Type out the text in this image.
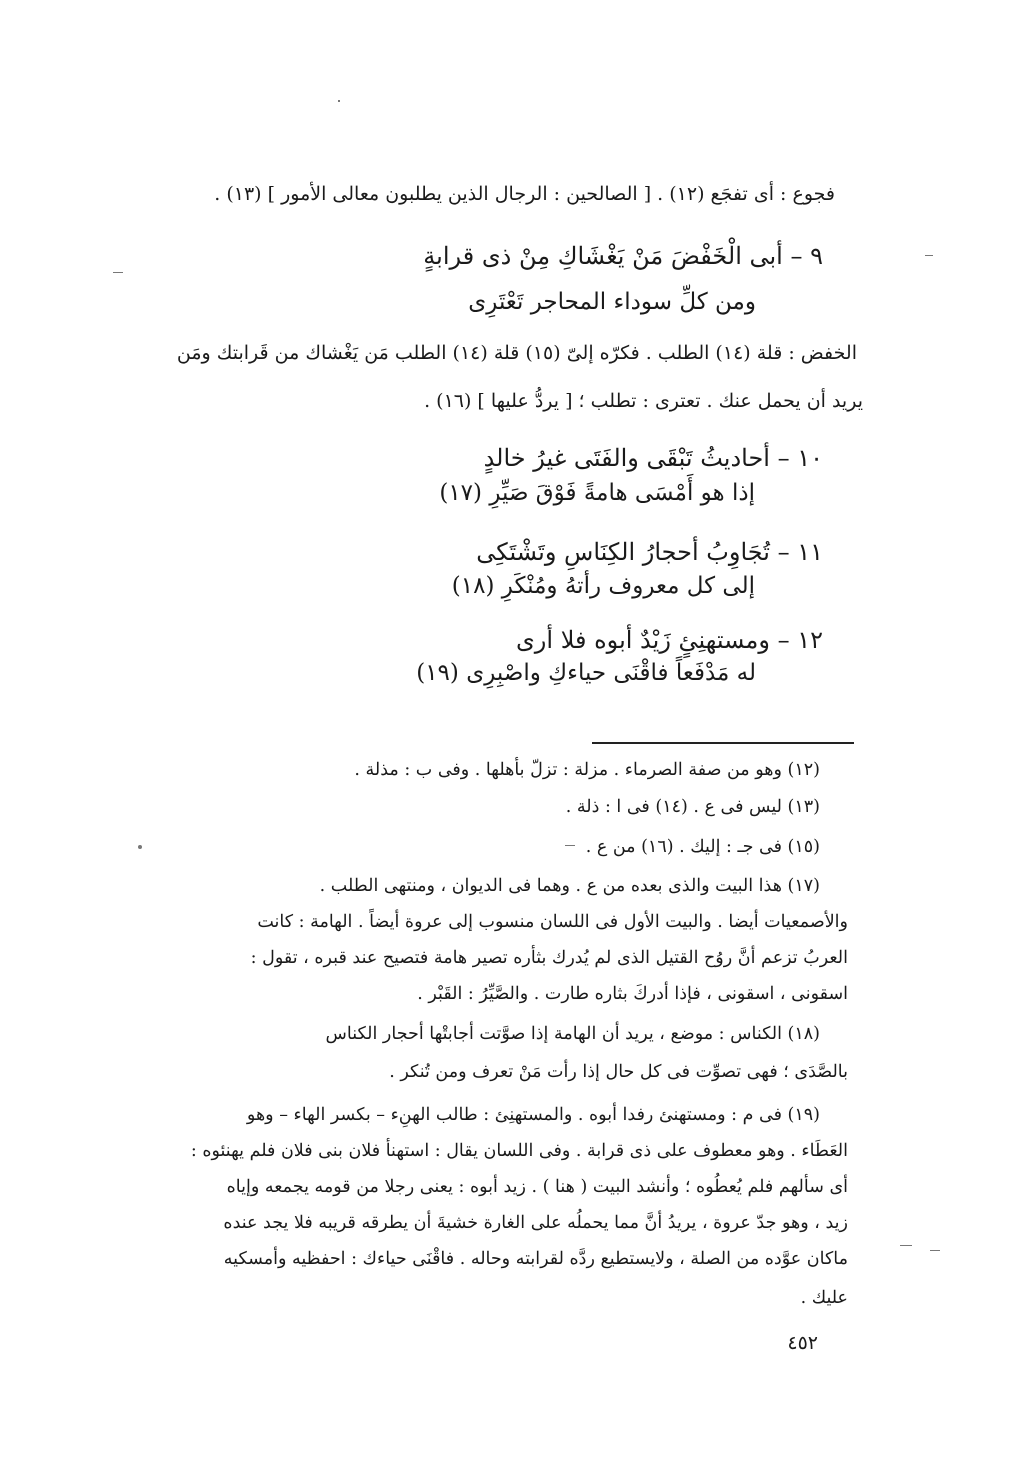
فجوع : أى تفجَع (١٢) . [ الصالحين : الرجال الذين يطلبون معالى الأمور ] (١٣) .
٩ – أبى الْخَفْضَ مَنْ يَغْشَاكِ مِنْ ذى قرابةٍ
ومن كلِّ سوداء المحاجر تَعْتَرِى
الخفض : قلة (١٤) الطلب . فكرّه إلىّ (١٥) قلة (١٤) الطلب مَن يَغْشاك من قَرابتك ومَن
يريد أن يحمل عنك . تعترى : تطلب ؛ [ يردُّ عليها ] (١٦) .
١٠ – أحاديثُ تَبْقَى والفَتَى غيرُ خالدٍ
إذا هو أَمْسَى هامةً فَوْقَ صَيِّرِ (١٧)
١١ – تُجَاوِبُ أحجارُ الكِنَاسِ وتَشْتَكِى
إلى كل معروف رأتهُ ومُنْكَرِ (١٨)
١٢ – ومستهنِئٍ زَيْدٌ أبوه فلا أرى
له مَدْفَعاً فاقْنَى حياءكِ واصْبِرِى (١٩)
(١٢) وهو من صفة الصرماء . مزلة : تزلّ بأهلها . وفى ب : مذلة .
(١٣) ليس فى ع . (١٤) فى ا : ذلة .
(١٥) فى جـ : إليك . (١٦) من ع .
(١٧) هذا البيت والذى بعده من ع . وهما فى الديوان ، ومنتهى الطلب .
والأصمعيات أيضا . والبيت الأول فى اللسان منسوب إلى عروة أيضاً . الهامة : كانت
العربُ تزعم أنَّ روُح القتيل الذى لم يُدرك بثأره تصير هامة فتصيح عند قبره ، تقول :
اسقونى ، اسقونى ، فإذا أدركَ بثاره طارت . والصَّيِّرُ : القَبْر .
(١٨) الكناس : موضع ، يريد أن الهامة إذا صوَّتت أجابتْها أحجار الكناس
بالصَّدَى ؛ فهى تصوِّت فى كل حال إذا رأت مَنْ تعرف ومن تُنكر .
(١٩) فى م : ومستهنئ رفدا أبوه . والمستهنِئ : طالب الهنِء – بكسر الهاء – وهو
العَطَاء . وهو معطوف على ذى قرابة . وفى اللسان يقال : استهنأ فلان بنى فلان فلم يهنئوه :
أى سألهم فلم يُعطُوه ؛ وأنشد البيت ( هنا ) . زيد أبوه : يعنى رجلا من قومه يجمعه وإياه
زيد ، وهو جدّ عروة ، يريدُ أنَّ مما يحملُه على الغارة خشيةَ أن يطرقه قريبه فلا يجد عنده
ماكان عوَّده من الصلة ، ولايستطيع ردَّه لقرابته وحاله . فاقْنَى حياءك : احفظيه وأمسكيه
عليك .
٤٥٢
